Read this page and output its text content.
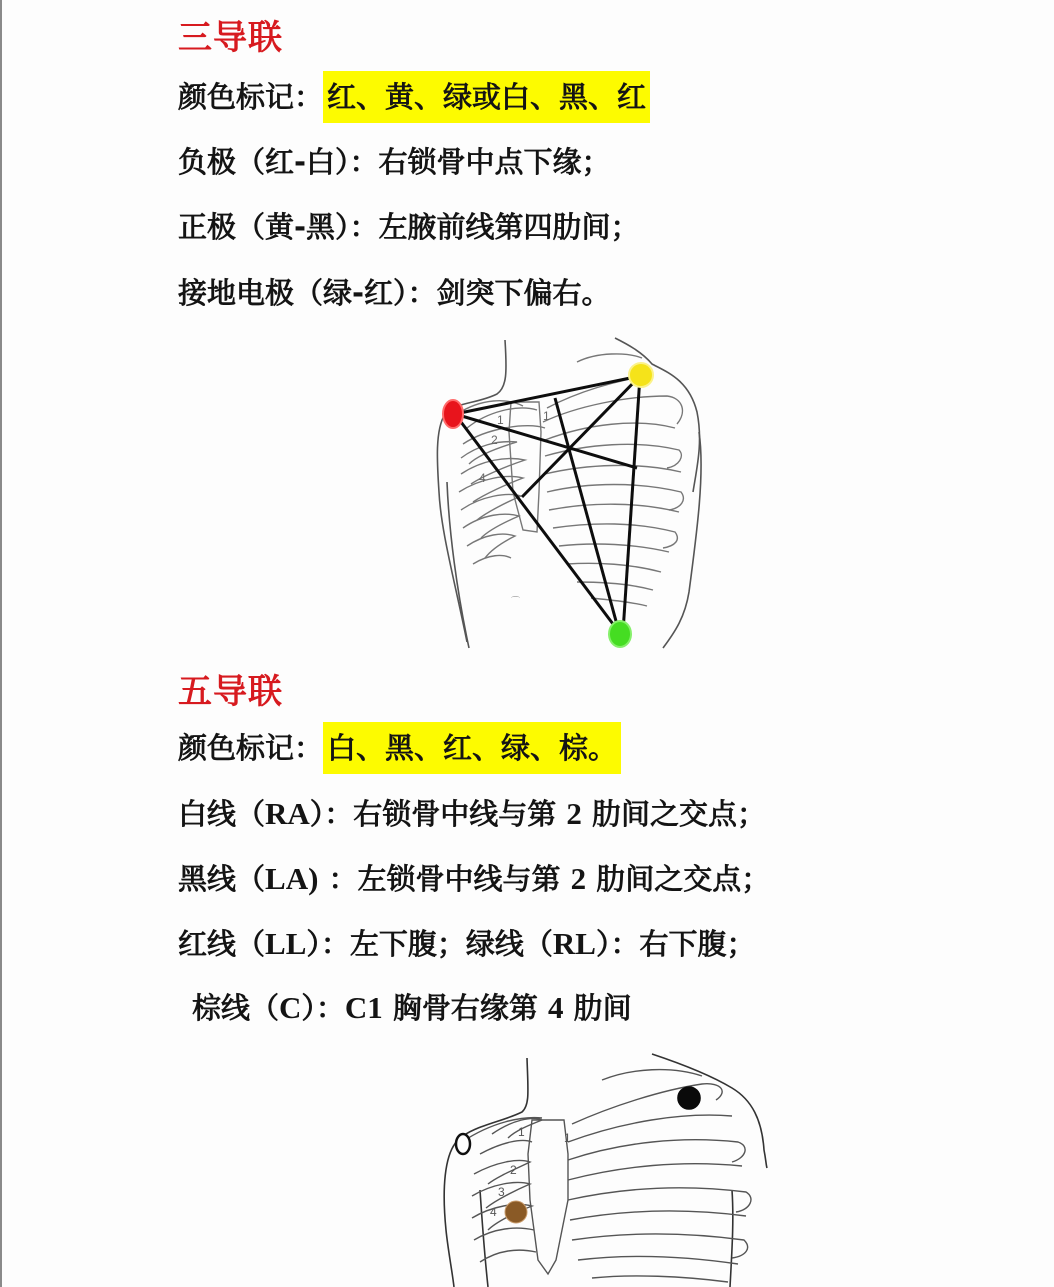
三导联
颜色标记： 红、黄、绿或白、黑、红
负极（红-白）：右锁骨中点下缘；
正极（黄-黑）：左腋前线第四肋间；
接地电极（绿-红）：剑突下偏右。
1
2
4
1
⌒
五导联
颜色标记： 白、黑、红、绿、棕。
白线（RA）：右锁骨中线与第 2 肋间之交点；
黑线（LA) ：左锁骨中线与第 2 肋间之交点；
红线（LL）：左下腹；绿线（RL）：右下腹；
棕线（C）：C1 胸骨右缘第 4 肋间
1
2
3
4
1
